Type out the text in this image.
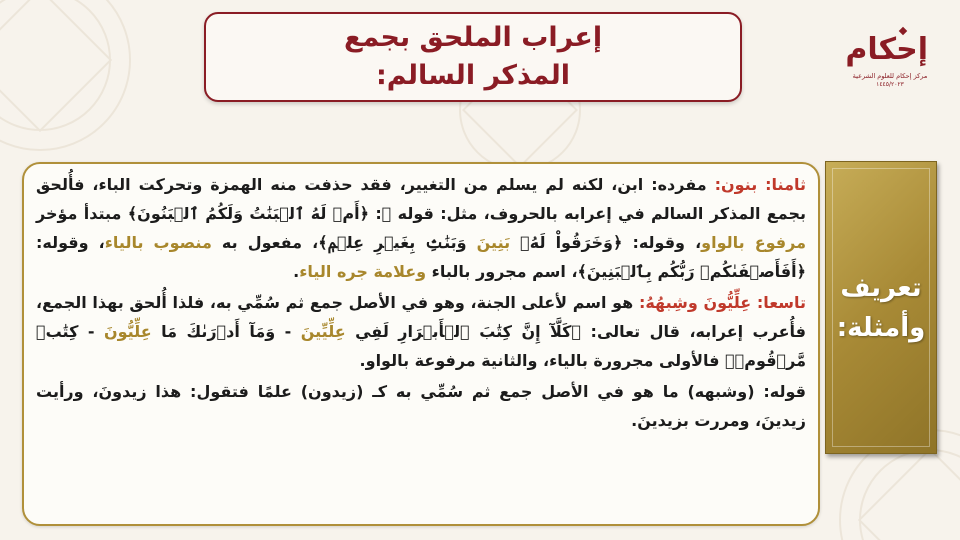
إعراب الملحق بجمع
المذكر السالم:
إحكام
مركز إحكام للعلوم الشرعية
١٤٤٥/٢٠٢٣
تعريف
وأمثلة:

ثامنا: بنون: مفرده: ابن، لكنه لم يسلم من التغيير، فقد حذفت منه الهمزة وتحركت الباء، فأُلحق بجمع المذكر السالم في إعرابه بالحروف، مثل: قوله ﷻ: ﴿أَمۡ لَهُ ٱلۡبَنَٰتُ وَلَكُمُ ٱلۡبَنُونَ﴾ مبتدأ مؤخر مرفوع بالواو، وقوله: ﴿وَخَرَقُواْ لَهُۥ بَنِينَ وَبَنَٰتِۢ بِغَيۡرِ عِلۡمٖ﴾، مفعول به منصوب بالياء، وقوله: ﴿أَفَأَصۡفَىٰكُمۡ رَبُّكُم بِٱلۡبَنِينَ﴾، اسم مجرور بالباء وعلامة جره الياء.

تاسعا: عِلِّيُّونَ وشِبهُهُ: هو اسم لأعلى الجنة، وهو في الأصل جمع ثم سُمِّي به، فلذا أُلحق بهذا الجمع، فأُعرب إعرابه، قال تعالى: ﴿كَلَّآ إِنَّ كِتَٰبَ ٱلۡأَبۡرَارِ لَفِي عِلِّيِّينَ - وَمَآ أَدۡرَىٰكَ مَا عِلِّيُّونَ - كِتَٰبٞ مَّرۡقُومٞ﴾ فالأولى مجرورة بالياء، والثانية مرفوعة بالواو.

قوله: (وشبهه) ما هو في الأصل جمع ثم سُمِّي به كـ (زيدون) علمًا فتقول: هذا زيدونَ، ورأيت زيدينَ، ومررت بزيدينَ.
